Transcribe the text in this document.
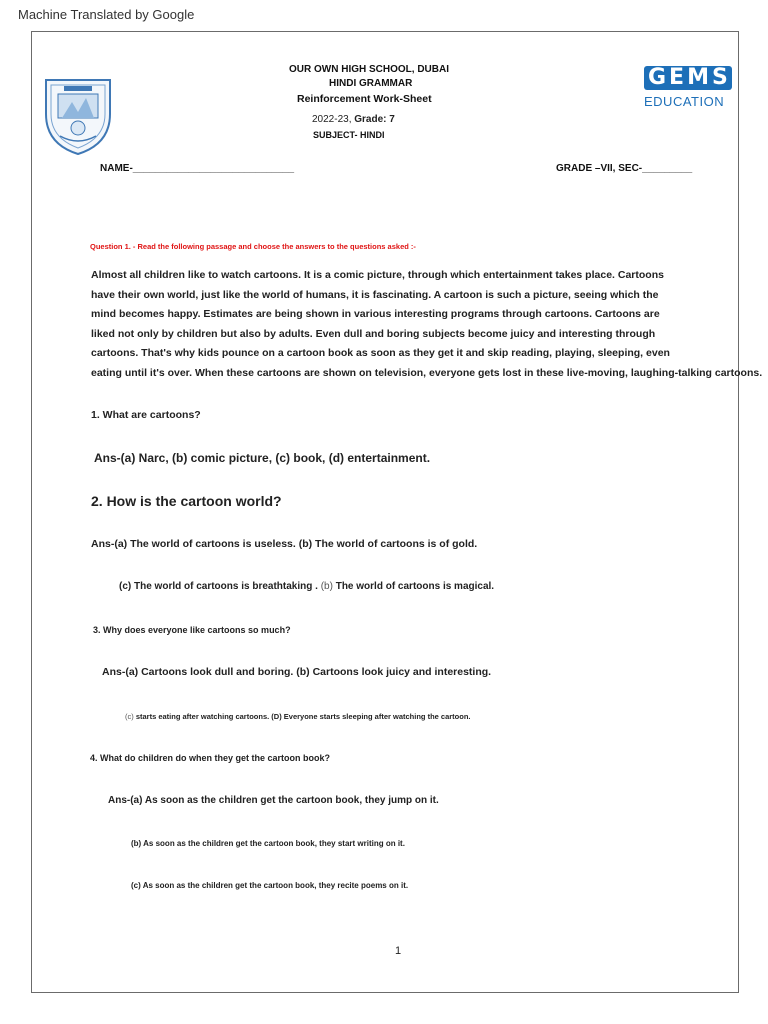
Machine Translated by Google
OUR OWN HIGH SCHOOL, DUBAI
HINDI GRAMMAR
Reinforcement Work-Sheet
2022-23, Grade: 7
SUBJECT- HINDI
GEMS
EDUCATION
NAME-_____________________________	GRADE –VII, SEC-_________
Question 1. - Read the following passage and choose the answers to the questions asked :-
Almost all children like to watch cartoons. It is a comic picture, through which entertainment takes place. Cartoons
have their own world, just like the world of humans, it is fascinating. A cartoon is such a picture, seeing which the
mind becomes happy. Estimates are being shown in various interesting programs through cartoons. Cartoons are
liked not only by children but also by adults. Even dull and boring subjects become juicy and interesting through
cartoons. That's why kids pounce on a cartoon book as soon as they get it and skip reading, playing, sleeping, even
eating until it's over. When these cartoons are shown on television, everyone gets lost in these live-moving, laughing-talking cartoons.
1. What are cartoons?
Ans-(a) Narc, (b) comic picture, (c) book, (d) entertainment.
2. How is the cartoon world?
Ans-(a) The world of cartoons is useless. (b) The world of cartoons is of gold.
(c) The world of cartoons is breathtaking . (b) The world of cartoons is magical.
3. Why does everyone like cartoons so much?
Ans-(a) Cartoons look dull and boring. (b) Cartoons look juicy and interesting.
(c) starts eating after watching cartoons. (D) Everyone starts sleeping after watching the cartoon.
4. What do children do when they get the cartoon book?
Ans-(a) As soon as the children get the cartoon book, they jump on it.
(b) As soon as the children get the cartoon book, they start writing on it.
(c) As soon as the children get the cartoon book, they recite poems on it.
1
